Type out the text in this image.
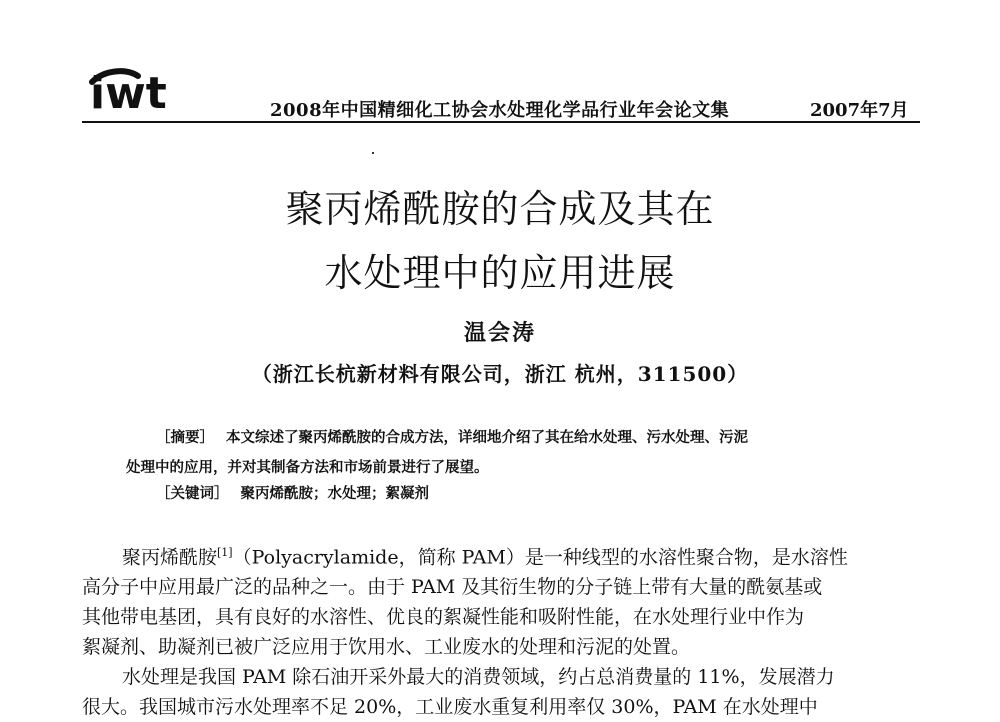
iwt	2008年中国精细化工协会水处理化学品行业年会论文集	2007年7月
聚丙烯酰胺的合成及其在
水处理中的应用进展
温会涛
（浙江长杭新材料有限公司，浙江 杭州，311500）
［摘要］ 本文综述了聚丙烯酰胺的合成方法，详细地介绍了其在给水处理、污水处理、污泥
处理中的应用，并对其制备方法和市场前景进行了展望。
［关键词］ 聚丙烯酰胺；水处理；絮凝剂
聚丙烯酰胺[1]（Polyacrylamide，简称 PAM）是一种线型的水溶性聚合物，是水溶性
高分子中应用最广泛的品种之一。由于 PAM 及其衍生物的分子链上带有大量的酰氨基或
其他带电基团，具有良好的水溶性、优良的絮凝性能和吸附性能，在水处理行业中作为
絮凝剂、助凝剂已被广泛应用于饮用水、工业废水的处理和污泥的处置。
水处理是我国 PAM 除石油开采外最大的消费领域，约占总消费量的 11%，发展潜力
很大。我国城市污水处理率不足 20%，工业废水重复利用率仅 30%，PAM 在水处理中
